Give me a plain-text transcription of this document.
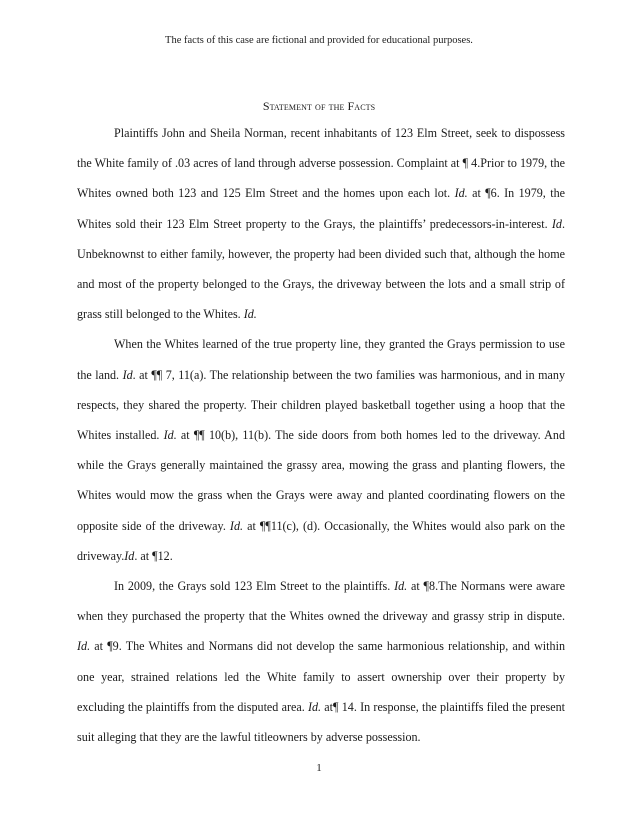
The facts of this case are fictional and provided for educational purposes.
Statement of the Facts

Plaintiffs John and Sheila Norman, recent inhabitants of 123 Elm Street, seek to dispossess the White family of .03 acres of land through adverse possession. Complaint at ¶ 4.Prior to 1979, the Whites owned both 123 and 125 Elm Street and the homes upon each lot. Id. at ¶6. In 1979, the Whites sold their 123 Elm Street property to the Grays, the plaintiffs’ predecessors-in-interest. Id. Unbeknownst to either family, however, the property had been divided such that, although the home and most of the property belonged to the Grays, the driveway between the lots and a small strip of grass still belonged to the Whites. Id.

When the Whites learned of the true property line, they granted the Grays permission to use the land. Id. at ¶¶ 7, 11(a). The relationship between the two families was harmonious, and in many respects, they shared the property. Their children played basketball together using a hoop that the Whites installed. Id. at ¶¶ 10(b), 11(b). The side doors from both homes led to the driveway. And while the Grays generally maintained the grassy area, mowing the grass and planting flowers, the Whites would mow the grass when the Grays were away and planted coordinating flowers on the opposite side of the driveway. Id. at ¶¶11(c), (d). Occasionally, the Whites would also park on the driveway.Id. at ¶12.

In 2009, the Grays sold 123 Elm Street to the plaintiffs. Id. at ¶8.The Normans were aware when they purchased the property that the Whites owned the driveway and grassy strip in dispute. Id. at ¶9. The Whites and Normans did not develop the same harmonious relationship, and within one year, strained relations led the White family to assert ownership over their property by excluding the plaintiffs from the disputed area. Id. at¶ 14. In response, the plaintiffs filed the present suit alleging that they are the lawful titleowners by adverse possession.

1
